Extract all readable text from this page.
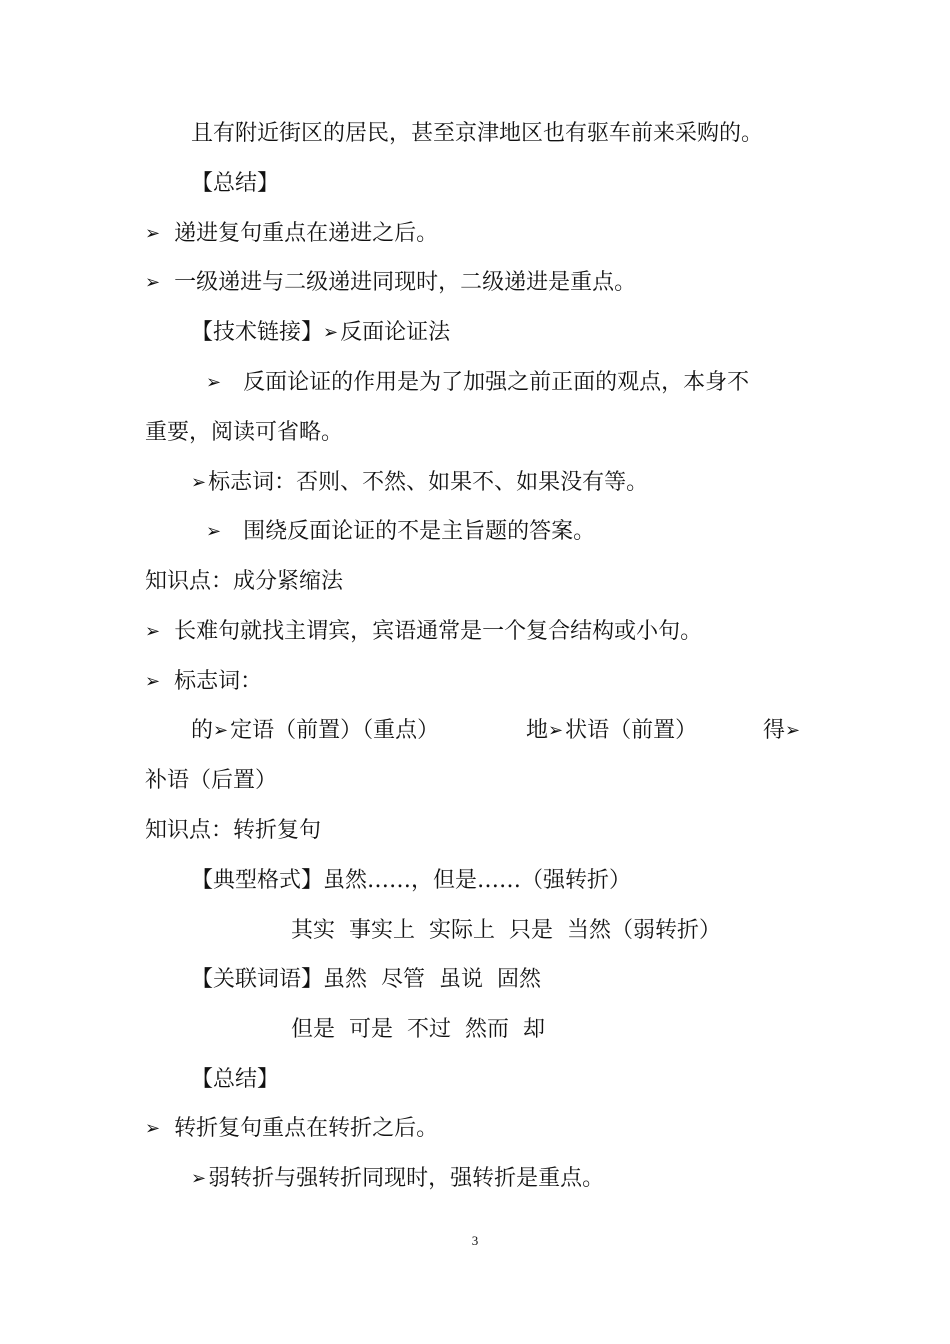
且有附近街区的居民，甚至京津地区也有驱车前来采购的。
【总结】
➢ 递进复句重点在递进之后。
➢ 一级递进与二级递进同现时，二级递进是重点。
【技术链接】➢反面论证法
➢ 反面论证的作用是为了加强之前正面的观点，本身不
重要，阅读可省略。
➢标志词：否则、不然、如果不、如果没有等。
➢ 围绕反面论证的不是主旨题的答案。
知识点：成分紧缩法
➢ 长难句就找主谓宾，宾语通常是一个复合结构或小句。
➢ 标志词：
的➢定语（前置）（重点）	地➢状语（前置）	得➢
补语（后置）
知识点：转折复句
【典型格式】虽然……，但是……（强转折）
其实  事实上  实际上  只是  当然（弱转折）
【关联词语】虽然  尽管  虽说  固然
但是  可是  不过  然而  却
【总结】
➢ 转折复句重点在转折之后。
➢弱转折与强转折同现时，强转折是重点。
3
